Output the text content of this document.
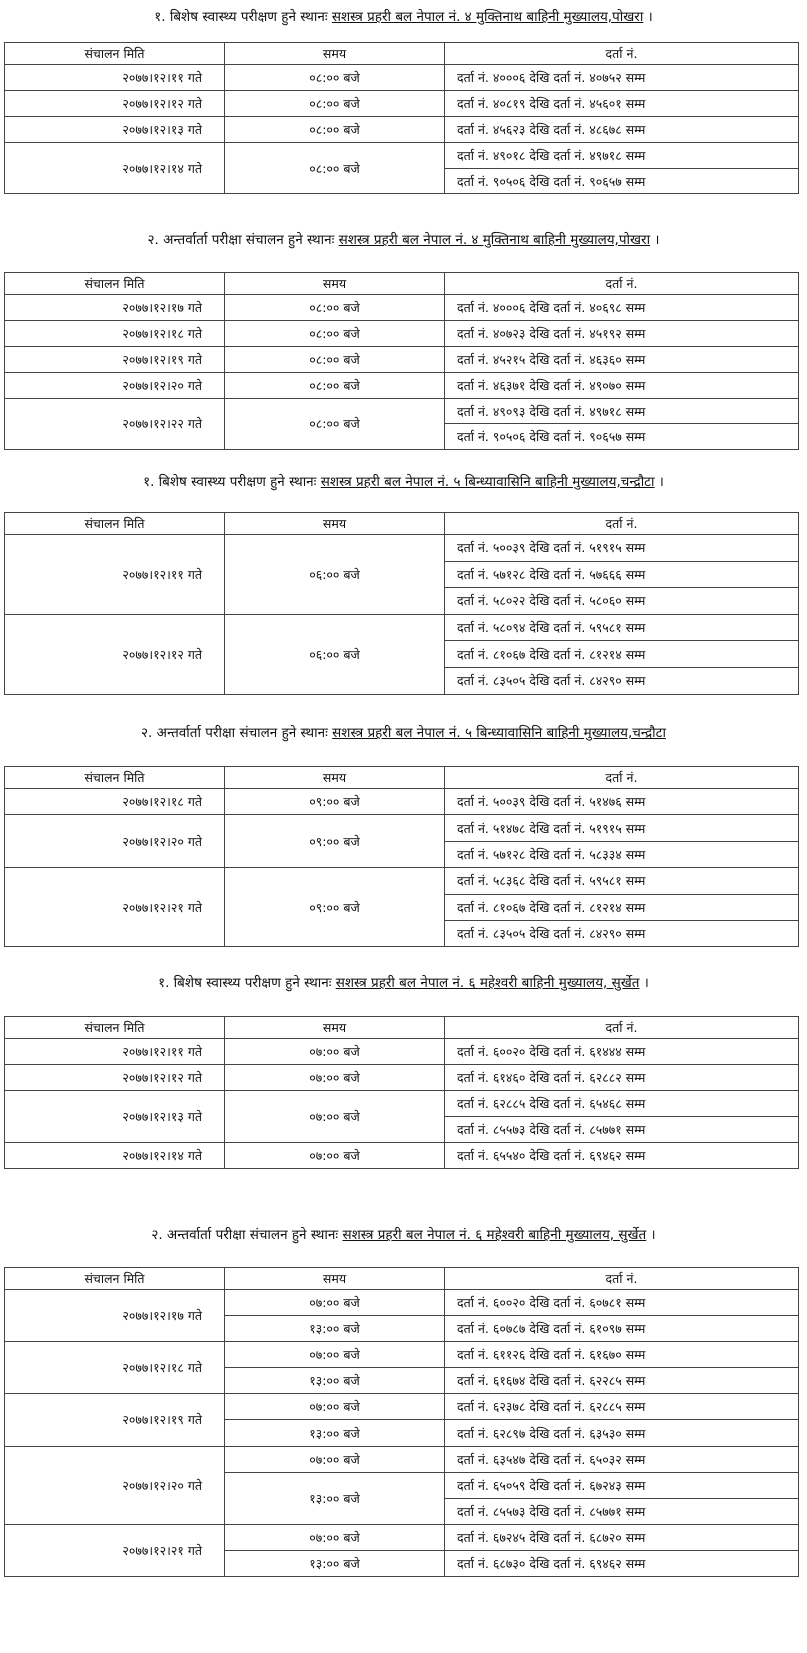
१. बिशेष स्वास्थ्य परीक्षण हुने स्थानः सशस्त्र प्रहरी बल नेपाल नं. ४ मुक्तिनाथ बाहिनी मुख्यालय,पोखरा ।
संचालन मिति	समय	दर्ता नं.
२०७७।१२।११ गते	०८:०० बजे	दर्ता नं. ४०००६ देखि दर्ता नं. ४०७५२ सम्म
२०७७।१२।१२ गते	०८:०० बजे	दर्ता नं. ४०८१९ देखि दर्ता नं. ४५६०१ सम्म
२०७७।१२।१३ गते	०८:०० बजे	दर्ता नं. ४५६२३ देखि दर्ता नं. ४८६७८ सम्म
२०७७।१२।१४ गते	०८:०० बजे	दर्ता नं. ४९०१८ देखि दर्ता नं. ४९७१८ सम्म
		दर्ता नं. ९०५०६ देखि दर्ता नं. ९०६५७ सम्म
२. अन्तर्वार्ता परीक्षा संचालन हुने स्थानः सशस्त्र प्रहरी बल नेपाल नं. ४ मुक्तिनाथ बाहिनी मुख्यालय,पोखरा ।
संचालन मिति	समय	दर्ता नं.
२०७७।१२।१७ गते	०८:०० बजे	दर्ता नं. ४०००६ देखि दर्ता नं. ४०६९८ सम्म
२०७७।१२।१८ गते	०८:०० बजे	दर्ता नं. ४०७२३ देखि दर्ता नं. ४५१९२ सम्म
२०७७।१२।१९ गते	०८:०० बजे	दर्ता नं. ४५२१५ देखि दर्ता नं. ४६३६० सम्म
२०७७।१२।२० गते	०८:०० बजे	दर्ता नं. ४६३७१ देखि दर्ता नं. ४९०७० सम्म
२०७७।१२।२२ गते	०८:०० बजे	दर्ता नं. ४९०९३ देखि दर्ता नं. ४९७१८ सम्म
		दर्ता नं. ९०५०६ देखि दर्ता नं. ९०६५७ सम्म
१. बिशेष स्वास्थ्य परीक्षण हुने स्थानः सशस्त्र प्रहरी बल नेपाल नं. ५ बिन्ध्यावासिनि बाहिनी मुख्यालय,चन्द्रौटा ।
संचालन मिति	समय	दर्ता नं.
२०७७।१२।११ गते	०६:०० बजे	दर्ता नं. ५००३९ देखि दर्ता नं. ५१९१५ सम्म
		दर्ता नं. ५७१२८ देखि दर्ता नं. ५७६६६ सम्म
		दर्ता नं. ५८०२२ देखि दर्ता नं. ५८०६० सम्म
२०७७।१२।१२ गते	०६:०० बजे	दर्ता नं. ५८०९४ देखि दर्ता नं. ५९५८१ सम्म
		दर्ता नं. ८१०६७ देखि दर्ता नं. ८१२१४ सम्म
		दर्ता नं. ८३५०५ देखि दर्ता नं. ८४२९० सम्म
२. अन्तर्वार्ता परीक्षा संचालन हुने स्थानः सशस्त्र प्रहरी बल नेपाल नं. ५ बिन्ध्यावासिनि बाहिनी मुख्यालय,चन्द्रौटा
संचालन मिति	समय	दर्ता नं.
२०७७।१२।१८ गते	०९:०० बजे	दर्ता नं. ५००३९ देखि दर्ता नं. ५१४७६ सम्म
२०७७।१२।२० गते	०९:०० बजे	दर्ता नं. ५१४७८ देखि दर्ता नं. ५१९१५ सम्म
		दर्ता नं. ५७१२८ देखि दर्ता नं. ५८३३४ सम्म
२०७७।१२।२१ गते	०९:०० बजे	दर्ता नं. ५८३६८ देखि दर्ता नं. ५९५८१ सम्म
		दर्ता नं. ८१०६७ देखि दर्ता नं. ८१२१४ सम्म
		दर्ता नं. ८३५०५ देखि दर्ता नं. ८४२९० सम्म
१. बिशेष स्वास्थ्य परीक्षण हुने स्थानः सशस्त्र प्रहरी बल नेपाल नं. ६ महेश्वरी बाहिनी मुख्यालय, सुर्खेत ।
संचालन मिति	समय	दर्ता नं.
२०७७।१२।११ गते	०७:०० बजे	दर्ता नं. ६००२० देखि दर्ता नं. ६१४४४ सम्म
२०७७।१२।१२ गते	०७:०० बजे	दर्ता नं. ६१४६० देखि दर्ता नं. ६२८८२ सम्म
२०७७।१२।१३ गते	०७:०० बजे	दर्ता नं. ६२८८५ देखि दर्ता नं. ६५४६८ सम्म
		दर्ता नं. ८५५७३ देखि दर्ता नं. ८५७७१ सम्म
२०७७।१२।१४ गते	०७:०० बजे	दर्ता नं. ६५५४० देखि दर्ता नं. ६९४६२ सम्म
२. अन्तर्वार्ता परीक्षा संचालन हुने स्थानः सशस्त्र प्रहरी बल नेपाल नं. ६ महेश्वरी बाहिनी मुख्यालय, सुर्खेत ।
संचालन मिति	समय	दर्ता नं.
२०७७।१२।१७ गते	०७:०० बजे	दर्ता नं. ६००२० देखि दर्ता नं. ६०७८१ सम्म
	१३:०० बजे	दर्ता नं. ६०७८७ देखि दर्ता नं. ६१०९७ सम्म
२०७७।१२।१८ गते	०७:०० बजे	दर्ता नं. ६११२६ देखि दर्ता नं. ६१६७० सम्म
	१३:०० बजे	दर्ता नं. ६१६७४ देखि दर्ता नं. ६२२८५ सम्म
२०७७।१२।१९ गते	०७:०० बजे	दर्ता नं. ६२३७८ देखि दर्ता नं. ६२८८५ सम्म
	१३:०० बजे	दर्ता नं. ६२८९७ देखि दर्ता नं. ६३५३० सम्म
२०७७।१२।२० गते	०७:०० बजे	दर्ता नं. ६३५४७ देखि दर्ता नं. ६५०३२ सम्म
	१३:०० बजे	दर्ता नं. ६५०५९ देखि दर्ता नं. ६७२४३ सम्म
		दर्ता नं. ८५५७३ देखि दर्ता नं. ८५७७१ सम्म
२०७७।१२।२१ गते	०७:०० बजे	दर्ता नं. ६७२४५ देखि दर्ता नं. ६८७२० सम्म
	१३:०० बजे	दर्ता नं. ६८७३० देखि दर्ता नं. ६९४६२ सम्म
